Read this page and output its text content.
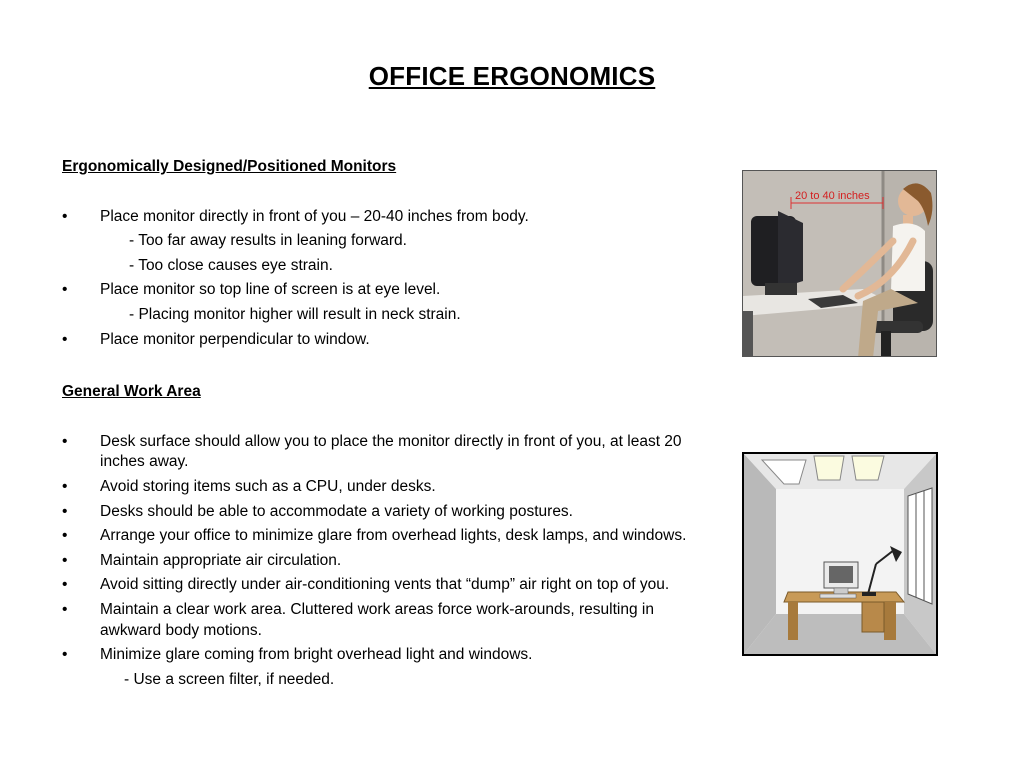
OFFICE ERGONOMICS
Ergonomically Designed/Positioned Monitors
•	Place monitor directly in front of you – 20-40 inches from body.
- Too far away results in leaning forward.
- Too close causes eye strain.
•	Place monitor so top line of screen is at eye level.
- Placing monitor higher will result in neck strain.
•	Place monitor perpendicular to window.
General Work Area
•	Desk surface should allow you to place the monitor directly in front of you, at least 20 inches away.
•	Avoid storing items such as a CPU, under desks.
•	Desks should be able to accommodate a variety of working postures.
•	Arrange your office to minimize glare from overhead lights, desk lamps, and windows.
•	Maintain appropriate air circulation.
•	Avoid sitting directly under air-conditioning vents that “dump” air right on top of you.
•	Maintain a clear work area. Cluttered work areas force work-arounds, resulting in awkward body motions.
•	Minimize glare coming from bright overhead light and windows.
- Use a screen filter, if needed.
20 to 40 inches
